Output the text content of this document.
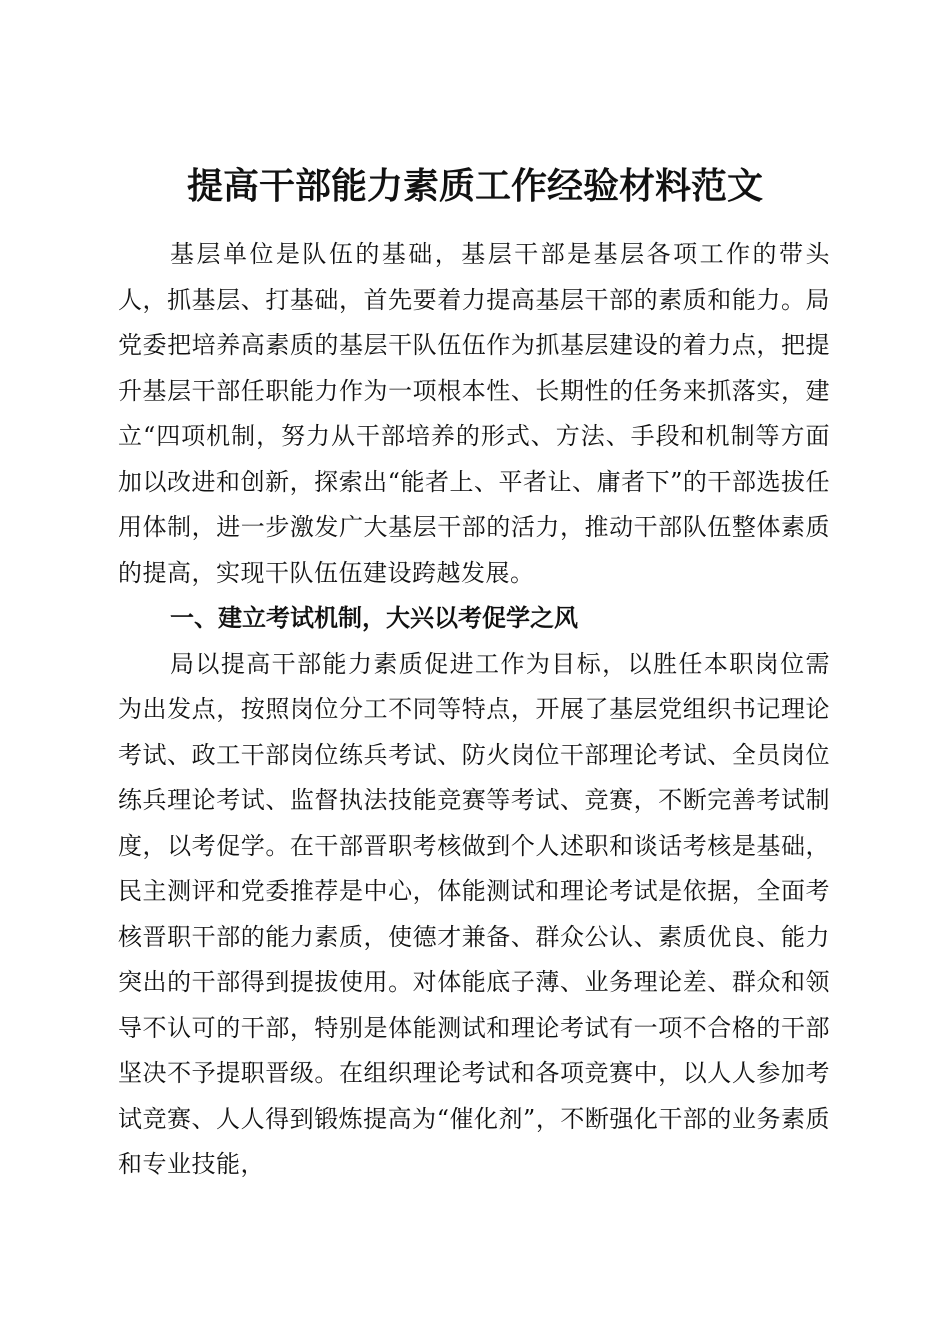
提高干部能力素质工作经验材料范文

基层单位是队伍的基础，基层干部是基层各项工作的带头人，抓基层、打基础，首先要着力提高基层干部的素质和能力。局党委把培养高素质的基层干队伍伍作为抓基层建设的着力点，把提升基层干部任职能力作为一项根本性、长期性的任务来抓落实，建立“四项机制，努力从干部培养的形式、方法、手段和机制等方面加以改进和创新，探索出“能者上、平者让、庸者下”的干部选拔任用体制，进一步激发广大基层干部的活力，推动干部队伍整体素质的提高，实现干队伍伍建设跨越发展。

一、建立考试机制，大兴以考促学之风

局以提高干部能力素质促进工作为目标，以胜任本职岗位需为出发点，按照岗位分工不同等特点，开展了基层党组织书记理论考试、政工干部岗位练兵考试、防火岗位干部理论考试、全员岗位练兵理论考试、监督执法技能竞赛等考试、竞赛，不断完善考试制度，以考促学。在干部晋职考核做到个人述职和谈话考核是基础，民主测评和党委推荐是中心，体能测试和理论考试是依据，全面考核晋职干部的能力素质，使德才兼备、群众公认、素质优良、能力突出的干部得到提拔使用。对体能底子薄、业务理论差、群众和领导不认可的干部，特别是体能测试和理论考试有一项不合格的干部坚决不予提职晋级。在组织理论考试和各项竞赛中，以人人参加考试竞赛、人人得到锻炼提高为“催化剂”，不断强化干部的业务素质和专业技能，
